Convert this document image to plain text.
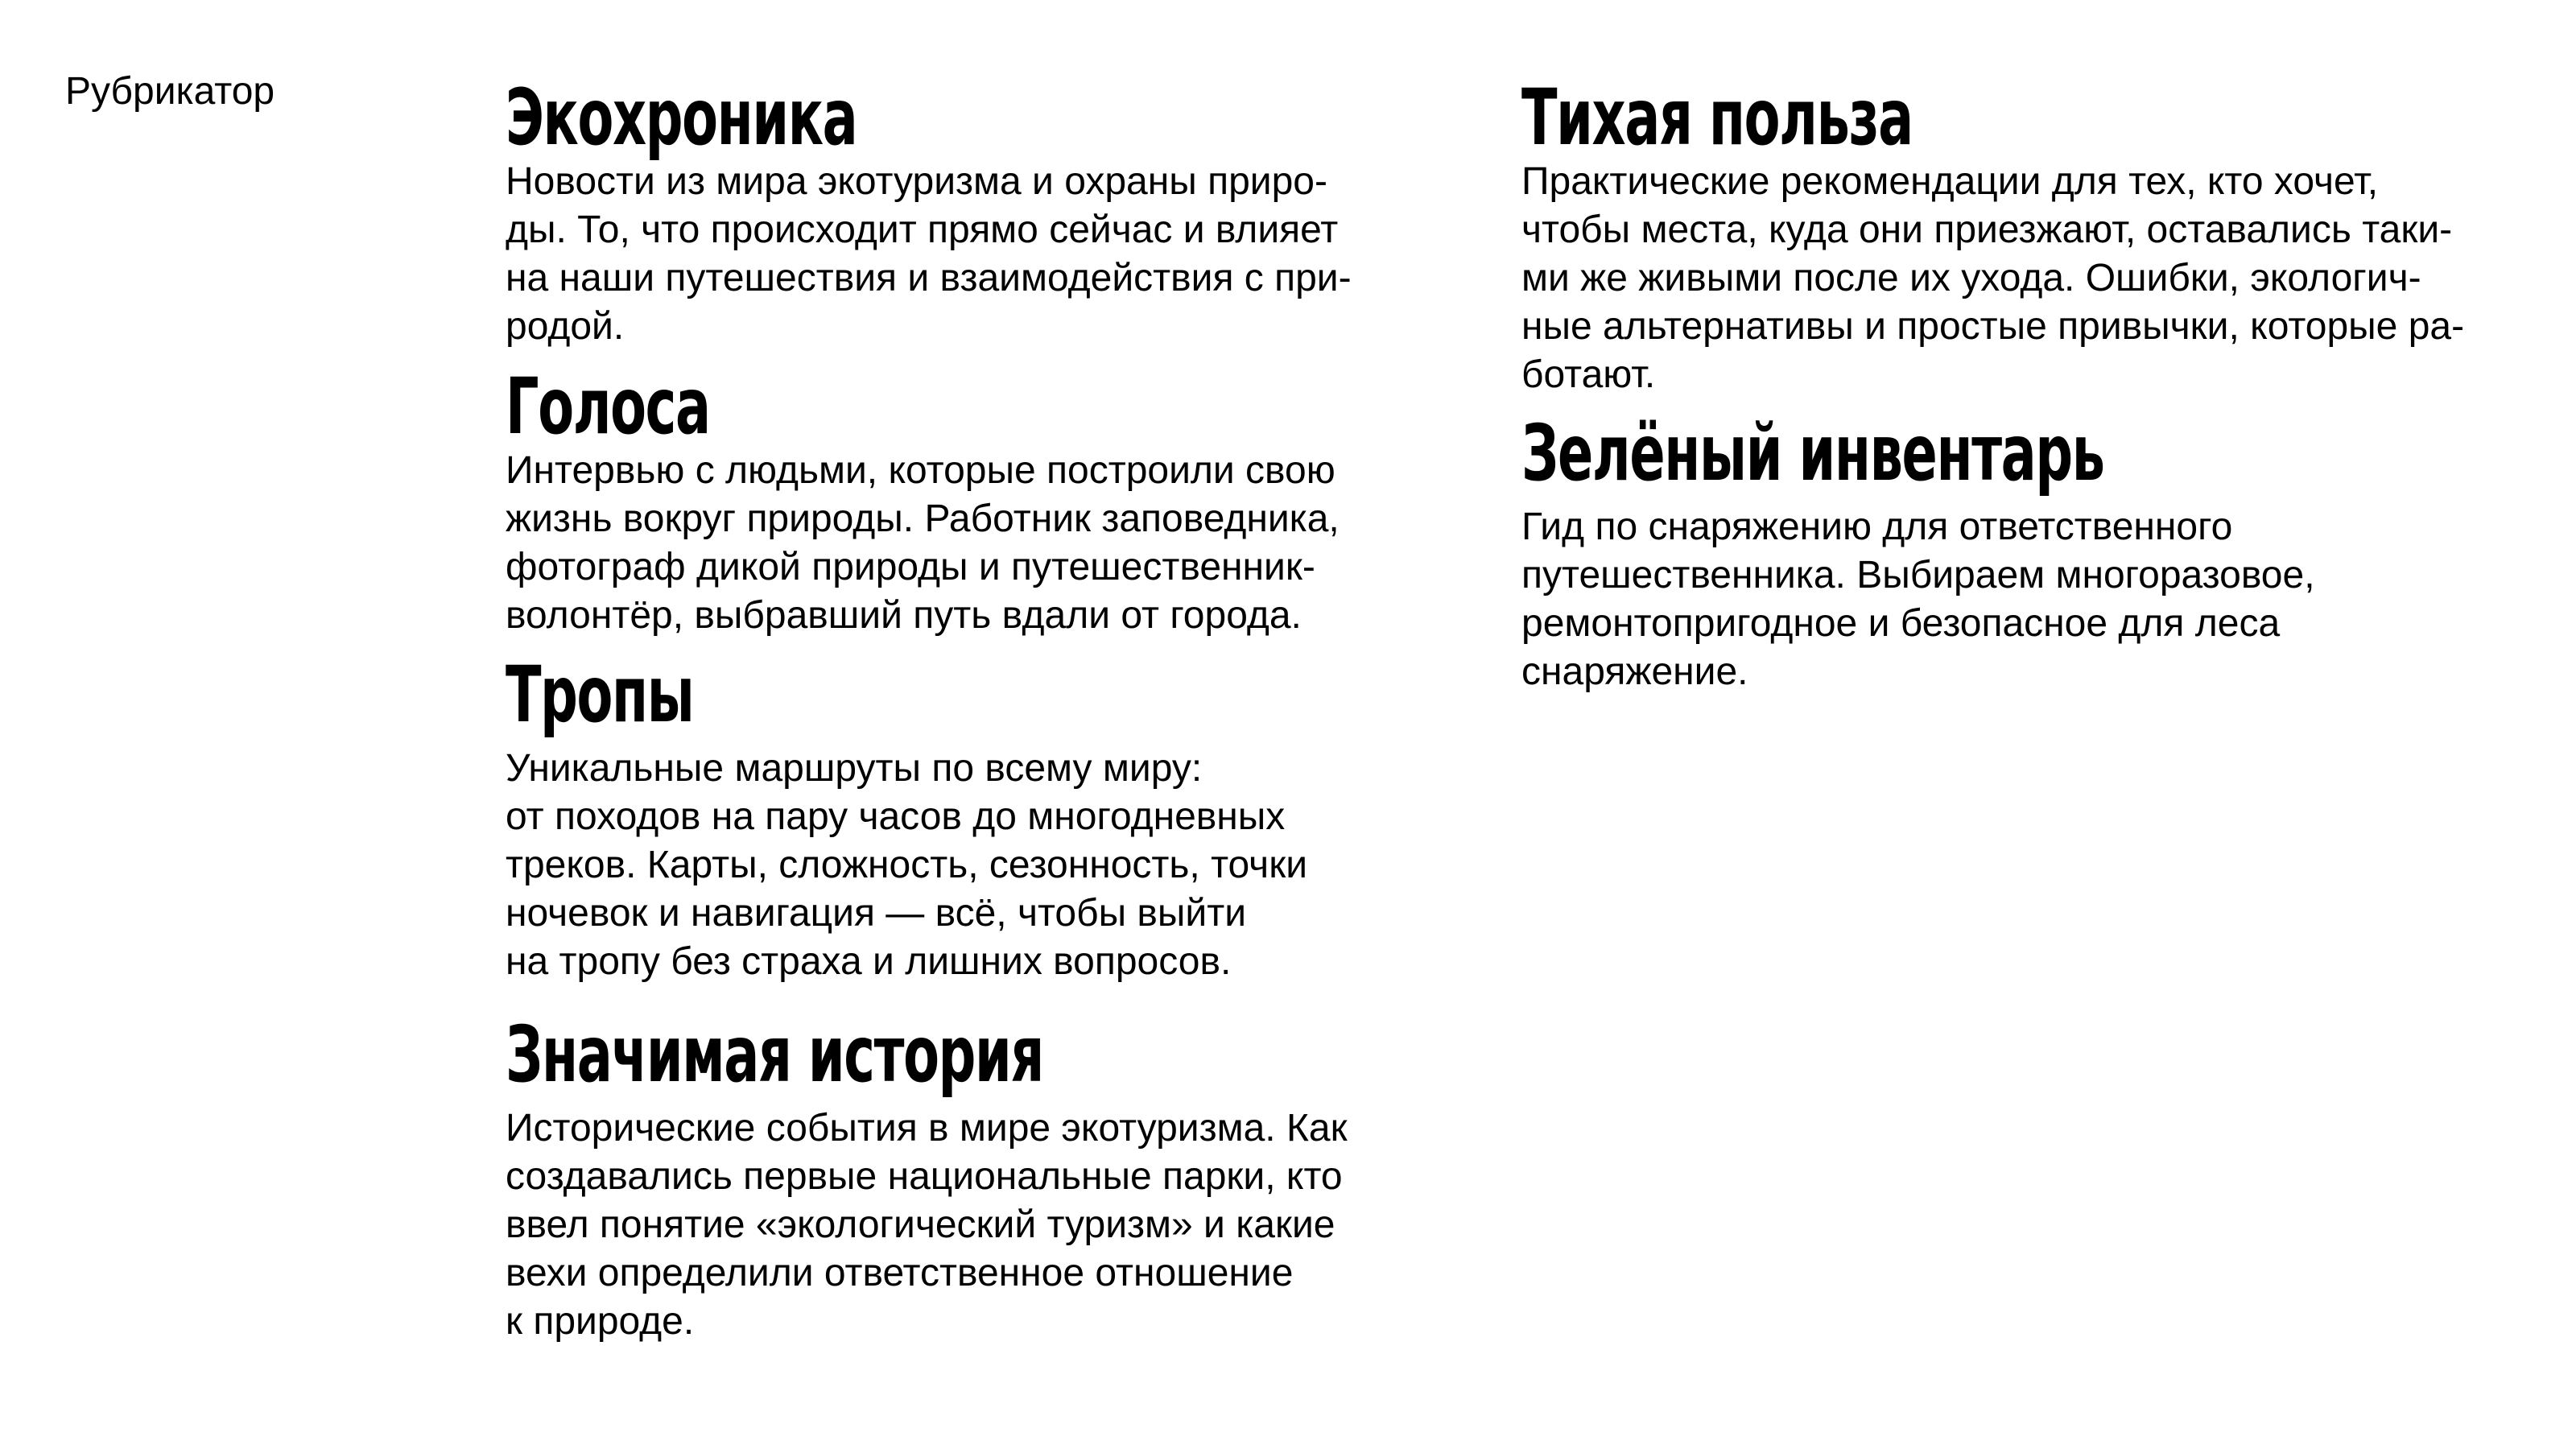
Рубрикатор	Экохроника

Новости из мира экотуризма и охраны приро-
ды. То, что происходит прямо сейчас и влияет
на наши путешествия и взаимодействия с при-
родой.

Голоса

Интервью с людьми, которые построили свою
жизнь вокруг природы. Работник заповедника,
фотограф дикой природы и путешественник-
волонтёр, выбравший путь вдали от города.

Тропы

Уникальные маршруты по всему миру:
от походов на пару часов до многодневных
треков. Карты, сложность, сезонность, точки
ночевок и навигация — всё, чтобы выйти
на тропу без страха и лишних вопросов.

Значимая история

Исторические события в мире экотуризма. Как
создавались первые национальные парки, кто
ввел понятие «экологический туризм» и какие
вехи определили ответственное отношение
к природе.

Тихая польза

Практические рекомендации для тех, кто хочет,
чтобы места, куда они приезжают, оставались таки-
ми же живыми после их ухода. Ошибки, экологич-
ные альтернативы и простые привычки, которые ра-
ботают.

Зелёный инвентарь

Гид по снаряжению для ответственного
путешественника. Выбираем многоразовое,
ремонтопригодное и безопасное для леса
снаряжение.
